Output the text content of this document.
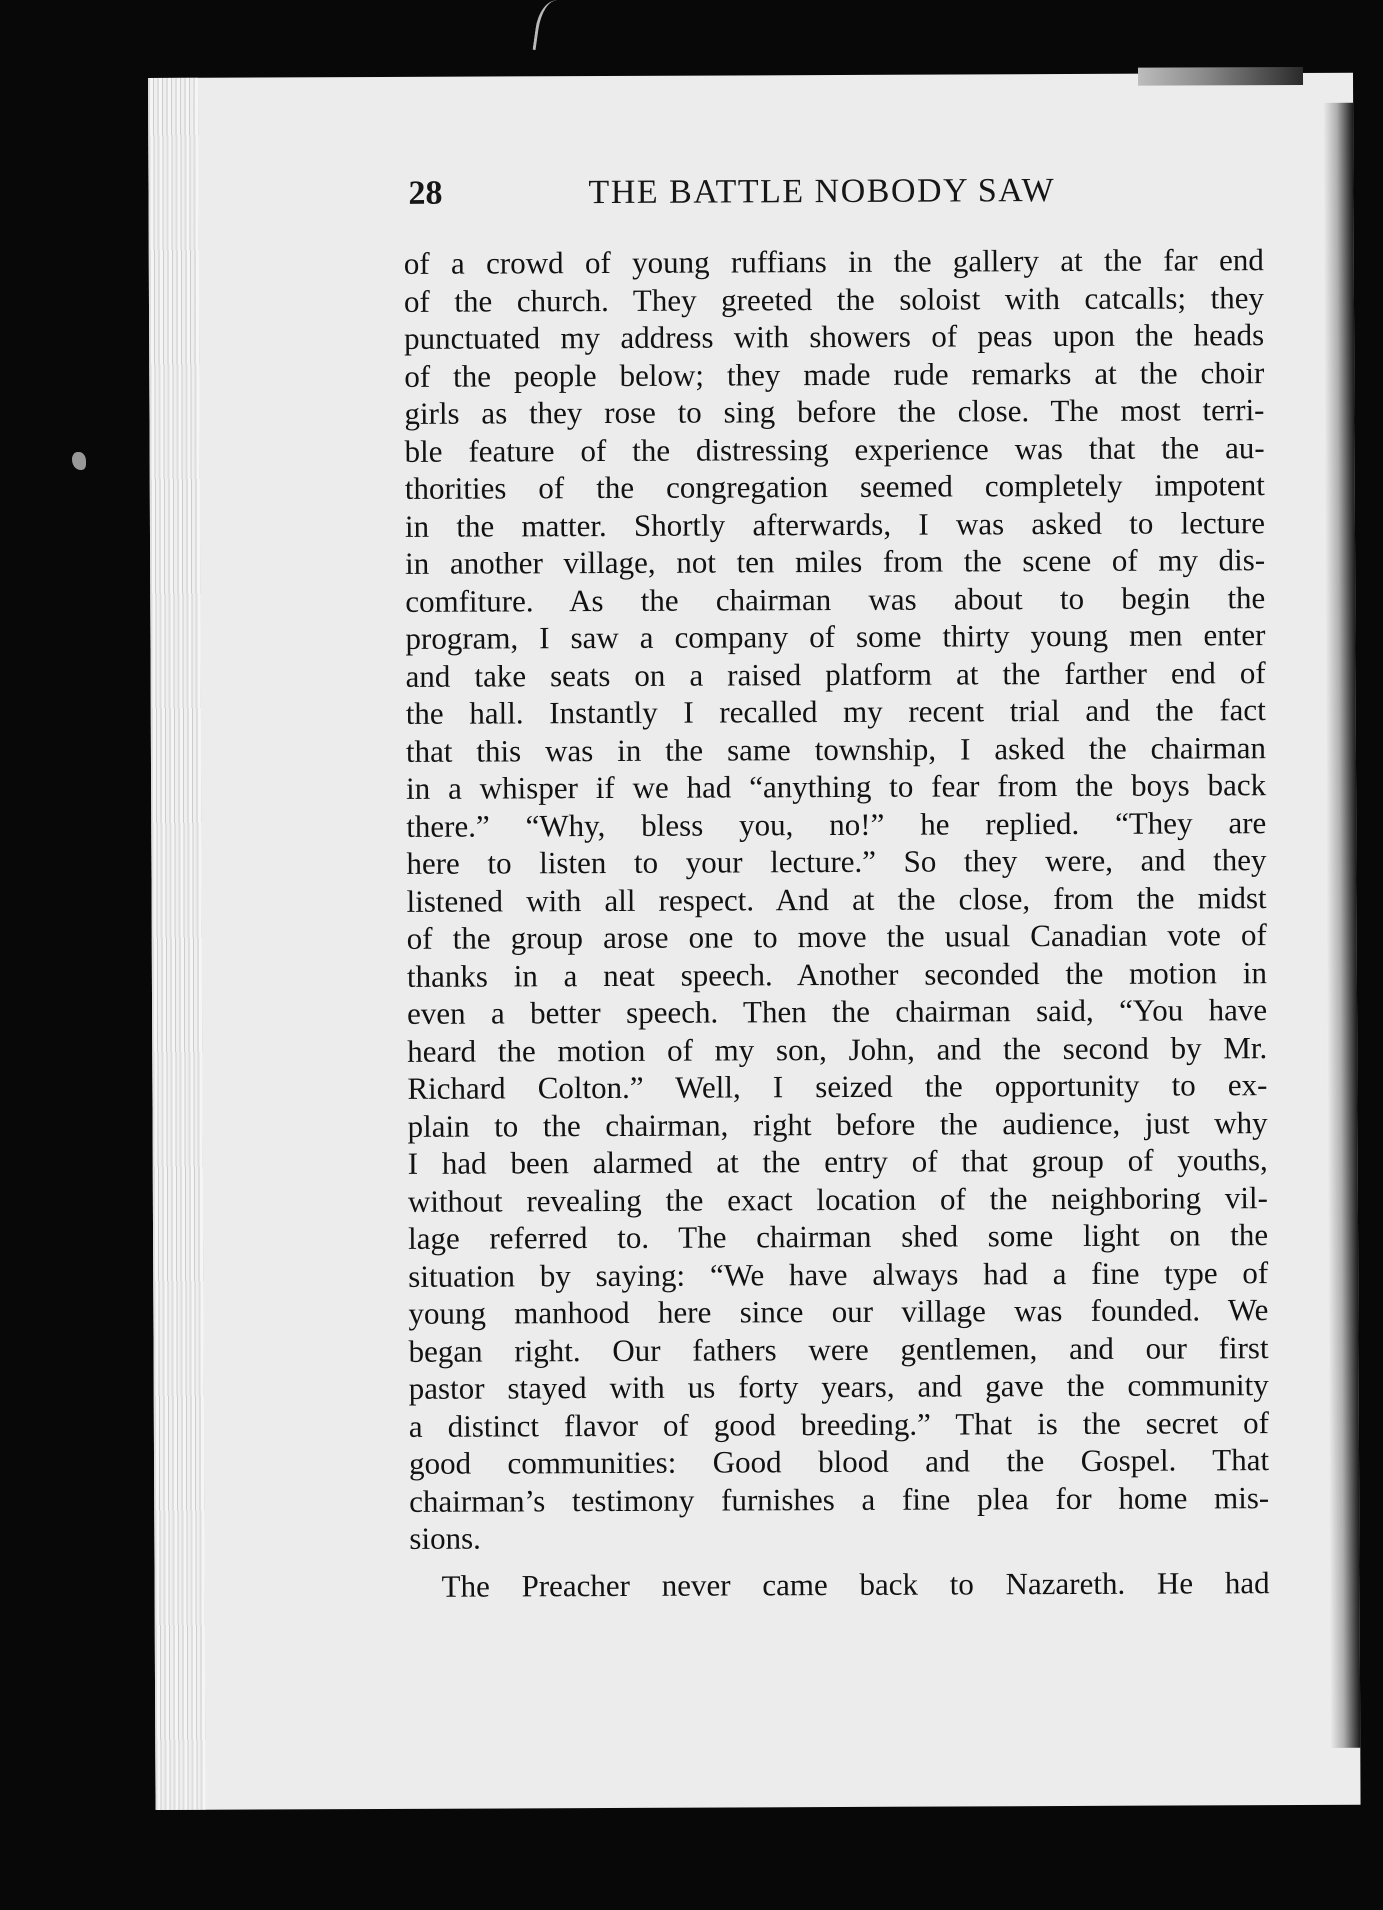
28	THE BATTLE NOBODY SAW
of a crowd of young ruffians in the gallery at the far end
of the church. They greeted the soloist with catcalls; they
punctuated my address with showers of peas upon the heads
of the people below; they made rude remarks at the choir
girls as they rose to sing before the close. The most terri-
ble feature of the distressing experience was that the au-
thorities of the congregation seemed completely impotent
in the matter. Shortly afterwards, I was asked to lecture
in another village, not ten miles from the scene of my dis-
comfiture. As the chairman was about to begin the
program, I saw a company of some thirty young men enter
and take seats on a raised platform at the farther end of
the hall. Instantly I recalled my recent trial and the fact
that this was in the same township, I asked the chairman
in a whisper if we had “anything to fear from the boys back
there.” “Why, bless you, no!” he replied. “They are
here to listen to your lecture.” So they were, and they
listened with all respect. And at the close, from the midst
of the group arose one to move the usual Canadian vote of
thanks in a neat speech. Another seconded the motion in
even a better speech. Then the chairman said, “You have
heard the motion of my son, John, and the second by Mr.
Richard Colton.” Well, I seized the opportunity to ex-
plain to the chairman, right before the audience, just why
I had been alarmed at the entry of that group of youths,
without revealing the exact location of the neighboring vil-
lage referred to. The chairman shed some light on the
situation by saying: “We have always had a fine type of
young manhood here since our village was founded. We
began right. Our fathers were gentlemen, and our first
pastor stayed with us forty years, and gave the community
a distinct flavor of good breeding.” That is the secret of
good communities: Good blood and the Gospel. That
chairman’s testimony furnishes a fine plea for home mis-
sions.
The Preacher never came back to Nazareth. He had
